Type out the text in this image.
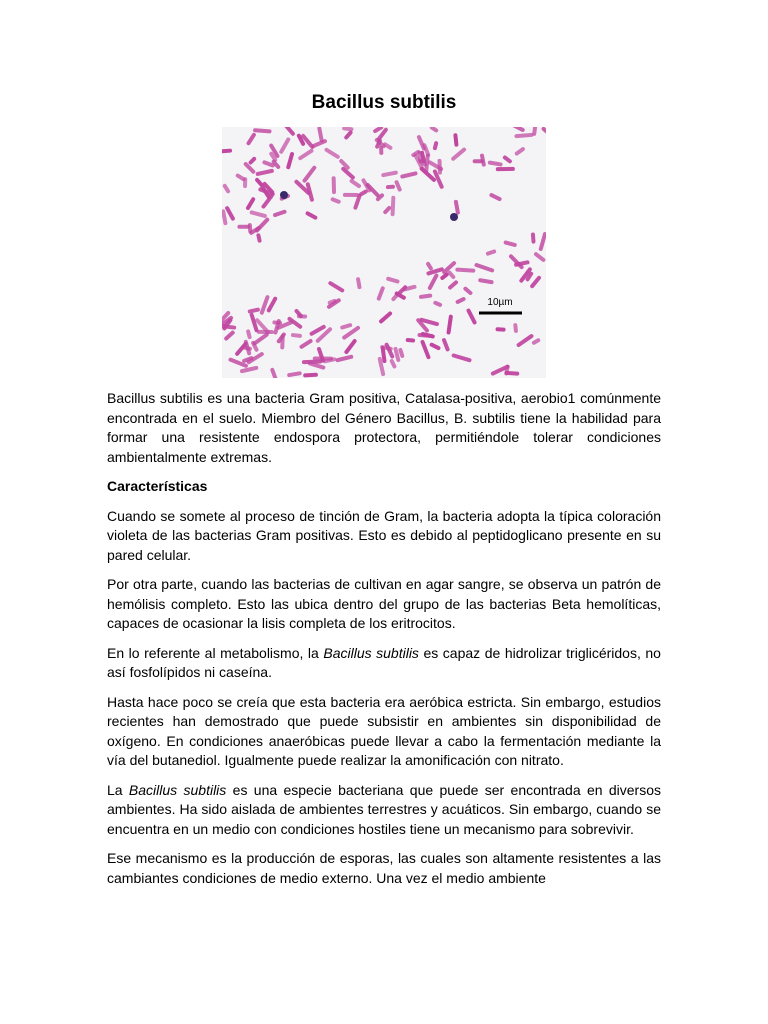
Bacillus subtilis
10µm

Bacillus subtilis es una bacteria Gram positiva, Catalasa-positiva, aerobio1 comúnmente encontrada en el suelo. Miembro del Género Bacillus, B. subtilis tiene la habilidad para formar una resistente endospora protectora, permitiéndole tolerar condiciones ambientalmente extremas.

Características

Cuando se somete al proceso de tinción de Gram, la bacteria adopta la típica coloración violeta de las bacterias Gram positivas. Esto es debido al peptidoglicano presente en su pared celular.

Por otra parte, cuando las bacterias de cultivan en agar sangre, se observa un patrón de hemólisis completo. Esto las ubica dentro del grupo de las bacterias Beta hemolíticas, capaces de ocasionar la lisis completa de los eritrocitos.

En lo referente al metabolismo, la Bacillus subtilis es capaz de hidrolizar triglicéridos, no así fosfolípidos ni caseína.

Hasta hace poco se creía que esta bacteria era aeróbica estricta. Sin embargo, estudios recientes han demostrado que puede subsistir en ambientes sin disponibilidad de oxígeno. En condiciones anaeróbicas puede llevar a cabo la fermentación mediante la vía del butanediol. Igualmente puede realizar la amonificación con nitrato.

La Bacillus subtilis es una especie bacteriana que puede ser encontrada en diversos ambientes. Ha sido aislada de ambientes terrestres y acuáticos. Sin embargo, cuando se encuentra en un medio con condiciones hostiles tiene un mecanismo para sobrevivir.

Ese mecanismo es la producción de esporas, las cuales son altamente resistentes a las cambiantes condiciones de medio externo. Una vez el medio ambiente
